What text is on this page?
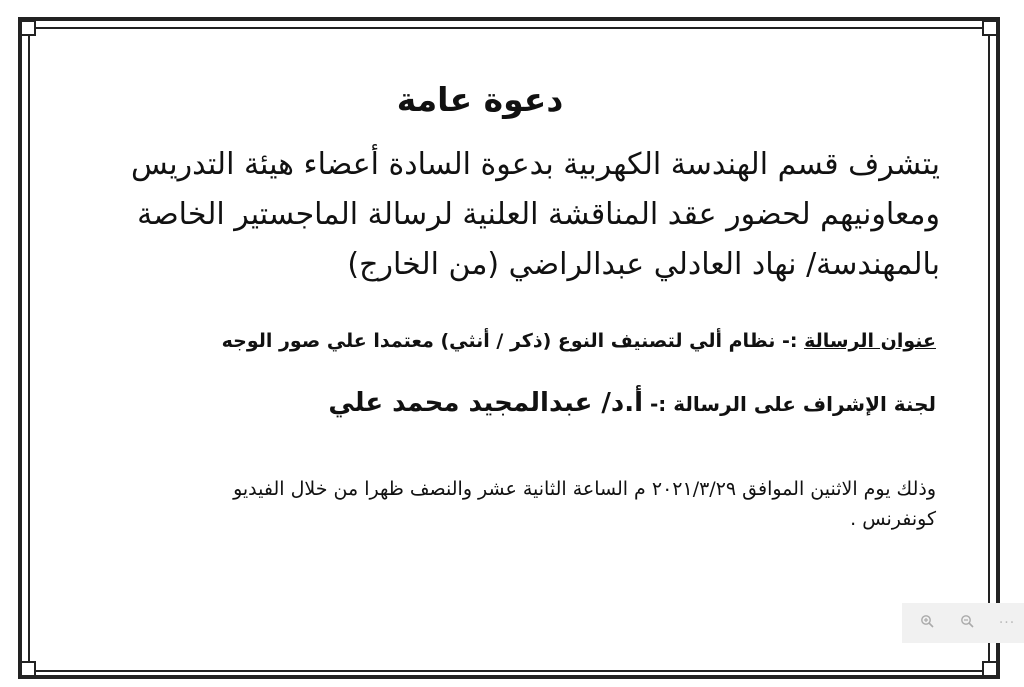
دعوة عامة
يتشرف قسم الهندسة الكهربية بدعوة السادة أعضاء هيئة التدريس
ومعاونيهم لحضور عقد المناقشة العلنية لرسالة الماجستير الخاصة
بالمهندسة/ نهاد العادلي عبدالراضي (من الخارج)
عنوان الرسالة :- نظام ألي لتصنيف النوع (ذكر / أنثي) معتمدا علي صور الوجه
لجنة الإشراف على الرسالة :- أ.د/ عبدالمجيد محمد علي
وذلك يوم الاثنين الموافق ٢٠٢١/٣/٢٩ م الساعة الثانية عشر والنصف ظهرا من خلال الفيديو
كونفرنس .
···
